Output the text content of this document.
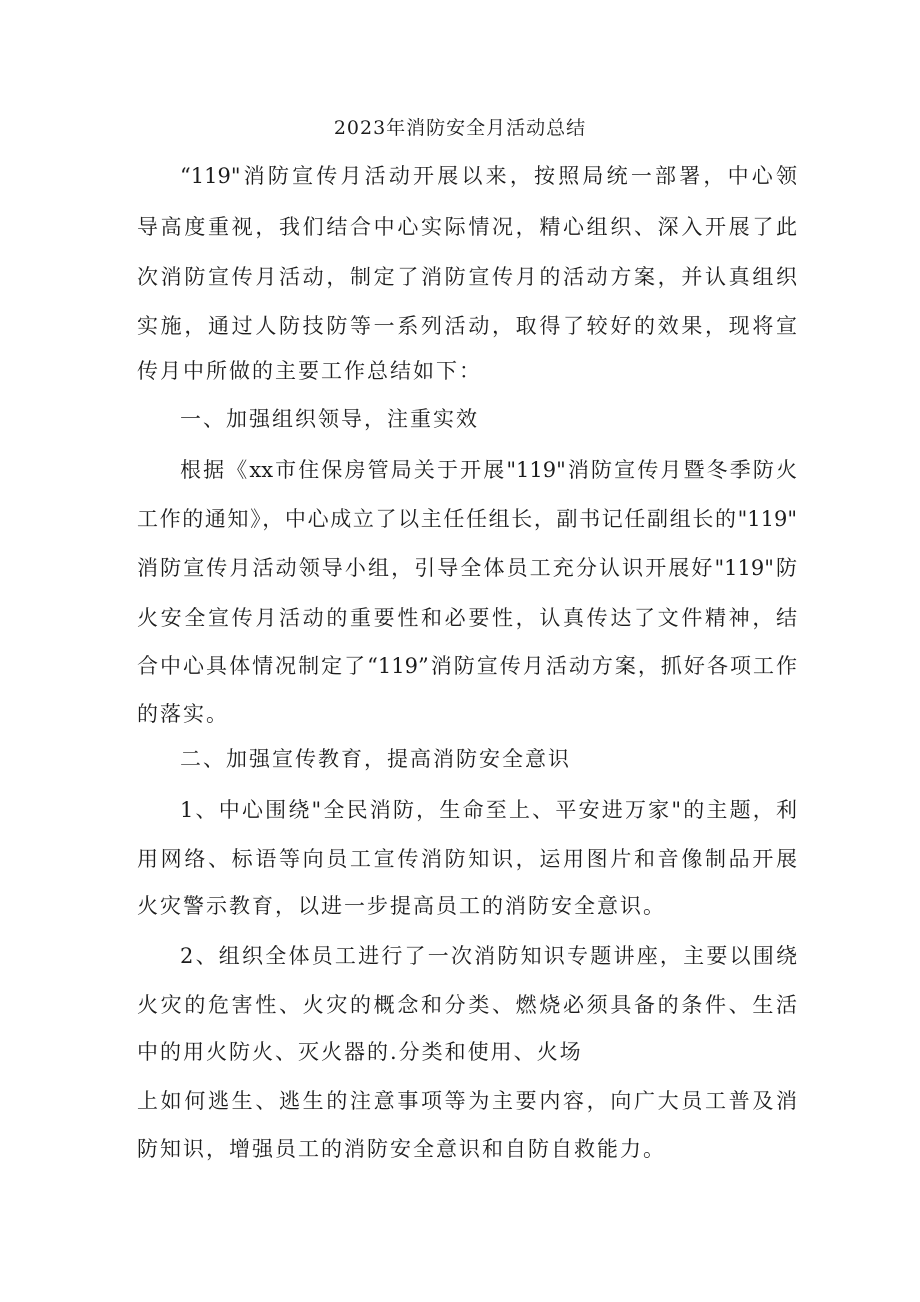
2023年消防安全月活动总结
“119"消防宣传月活动开展以来，按照局统一部署，中心领
导高度重视，我们结合中心实际情况，精心组织、深入开展了此
次消防宣传月活动，制定了消防宣传月的活动方案，并认真组织
实施，通过人防技防等一系列活动，取得了较好的效果，现将宣
传月中所做的主要工作总结如下：
一、加强组织领导，注重实效
根据《xx市住保房管局关于开展"119"消防宣传月暨冬季防火
工作的通知》，中心成立了以主任任组长，副书记任副组长的"119"
消防宣传月活动领导小组，引导全体员工充分认识开展好"119"防
火安全宣传月活动的重要性和必要性，认真传达了文件精神，结
合中心具体情况制定了“119”消防宣传月活动方案，抓好各项工作
的落实。
二、加强宣传教育，提高消防安全意识
1、中心围绕"全民消防，生命至上、平安进万家"的主题，利
用网络、标语等向员工宣传消防知识，运用图片和音像制品开展
火灾警示教育，以进一步提高员工的消防安全意识。
2、组织全体员工进行了一次消防知识专题讲座，主要以围绕
火灾的危害性、火灾的概念和分类、燃烧必须具备的条件、生活
中的用火防火、灭火器的.分类和使用、火场
上如何逃生、逃生的注意事项等为主要内容，向广大员工普及消
防知识，增强员工的消防安全意识和自防自救能力。
